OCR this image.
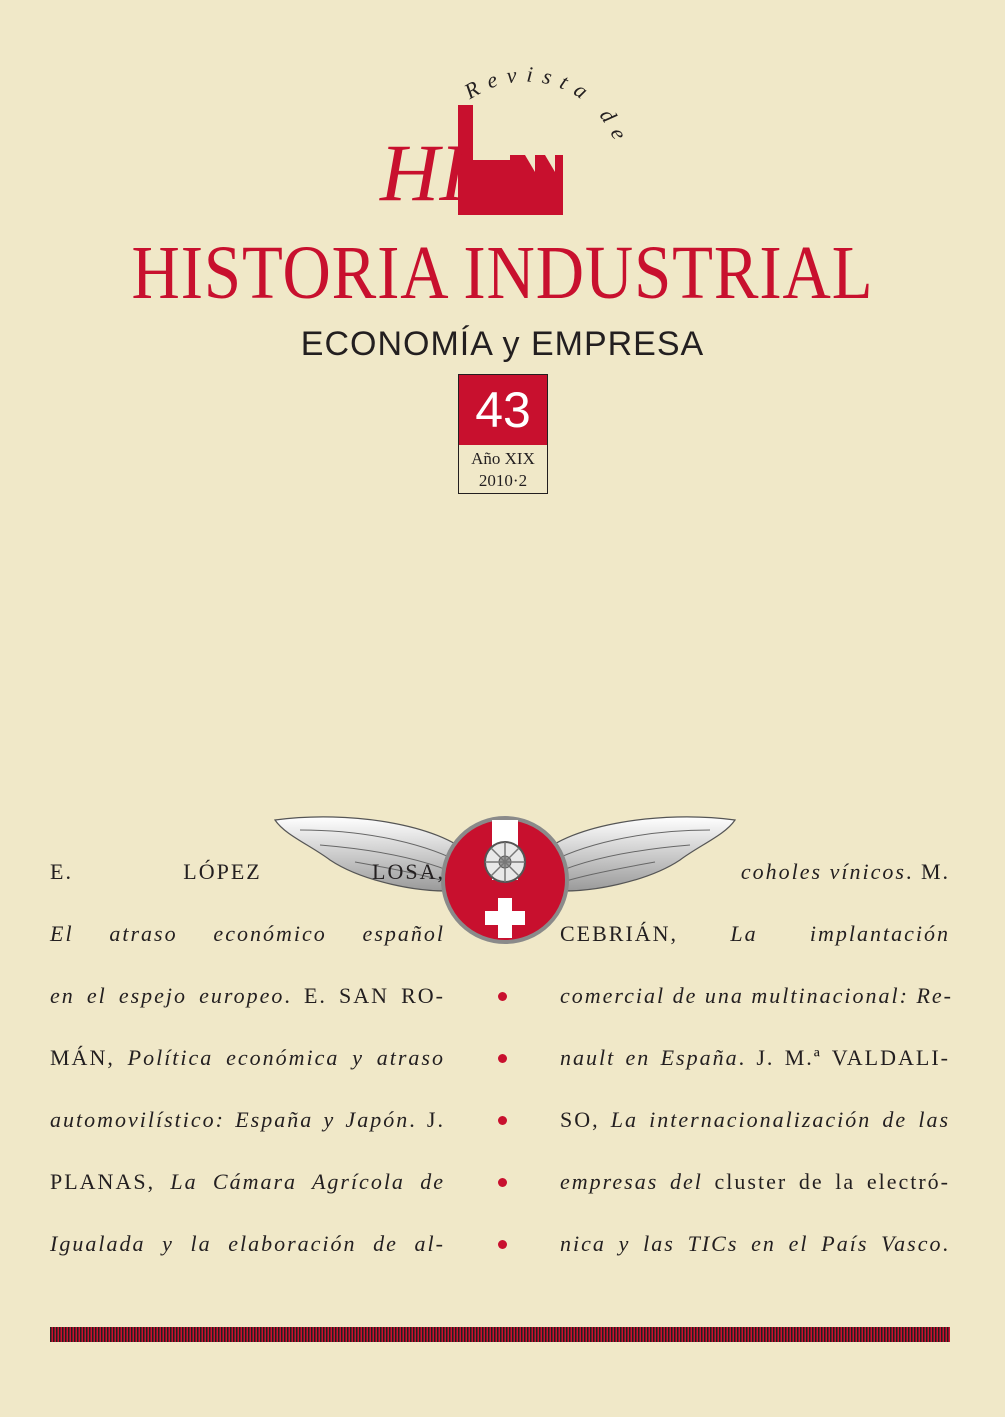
Revista de
HI
HISTORIA INDUSTRIAL
ECONOMÍA y EMPRESA
43
Año XIX
2010·2
E. LÓPEZ LOSA,
El atraso económico español
en el espejo europeo. E. SAN RO-
MÁN, Política económica y atraso
automovilístico: España y Japón. J.
PLANAS, La Cámara Agrícola de
Igualada y la elaboración de al-
coholes vínicos. M.
CEBRIÁN, La implantación
comercial de una multinacional: Re-
nault en España. J. M.ª VALDALI-
SO, La internacionalización de las
empresas del cluster de la electró-
nica y las TICs en el País Vasco.
